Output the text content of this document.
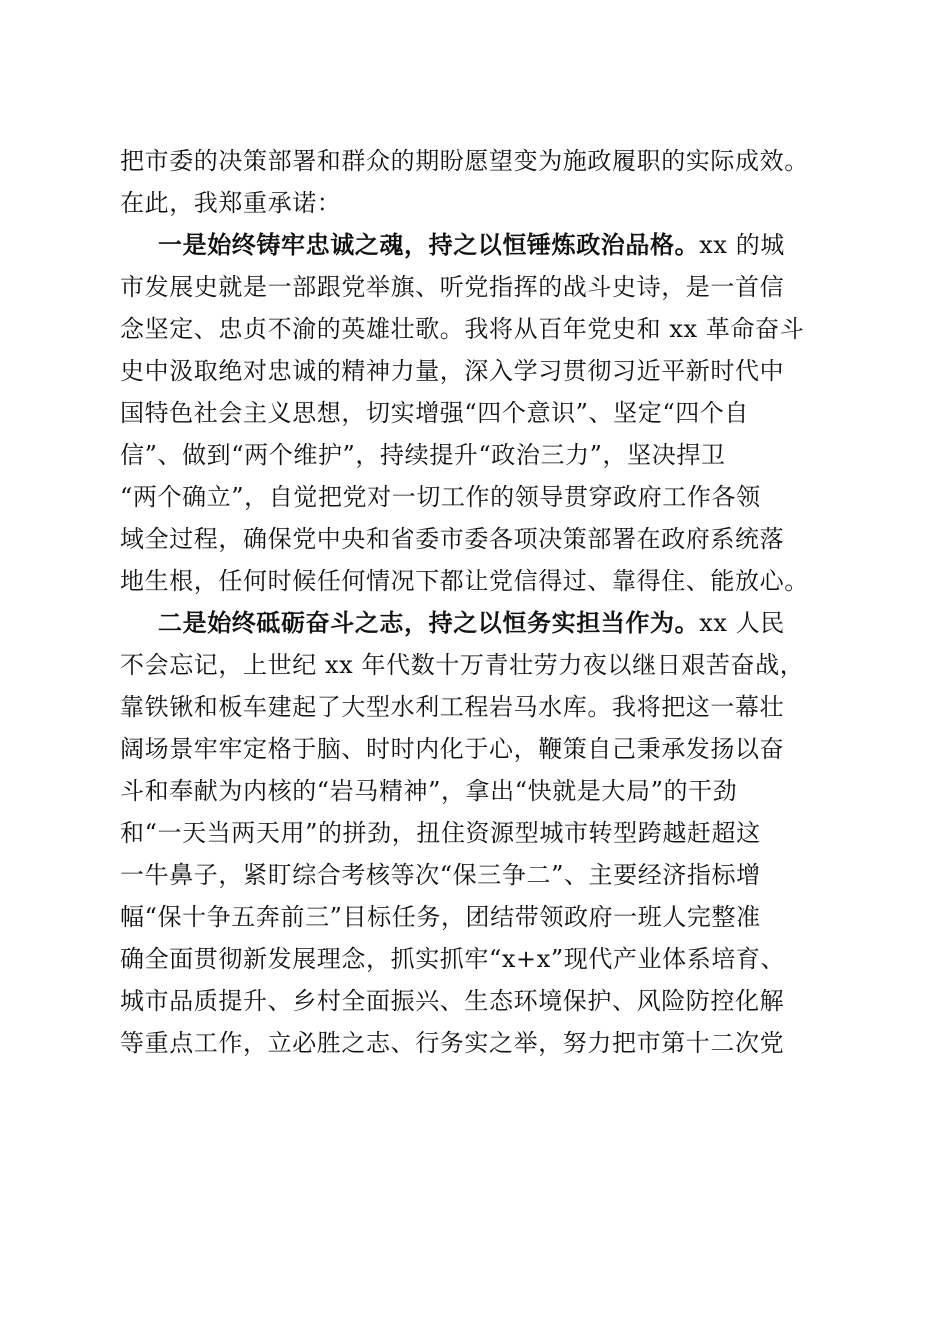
把市委的决策部署和群众的期盼愿望变为施政履职的实际成效。
在此，我郑重承诺：
一是始终铸牢忠诚之魂，持之以恒锤炼政治品格。xx 的城
市发展史就是一部跟党举旗、听党指挥的战斗史诗，是一首信
念坚定、忠贞不渝的英雄壮歌。我将从百年党史和 xx 革命奋斗
史中汲取绝对忠诚的精神力量，深入学习贯彻习近平新时代中
国特色社会主义思想，切实增强“四个意识”、坚定“四个自
信”、做到“两个维护”，持续提升“政治三力”，坚决捍卫
“两个确立”，自觉把党对一切工作的领导贯穿政府工作各领
域全过程，确保党中央和省委市委各项决策部署在政府系统落
地生根，任何时候任何情况下都让党信得过、靠得住、能放心。
二是始终砥砺奋斗之志，持之以恒务实担当作为。xx 人民
不会忘记，上世纪 xx 年代数十万青壮劳力夜以继日艰苦奋战，
靠铁锹和板车建起了大型水利工程岩马水库。我将把这一幕壮
阔场景牢牢定格于脑、时时内化于心，鞭策自己秉承发扬以奋
斗和奉献为内核的“岩马精神”，拿出“快就是大局”的干劲
和“一天当两天用”的拼劲，扭住资源型城市转型跨越赶超这
一牛鼻子，紧盯综合考核等次“保三争二”、主要经济指标增
幅“保十争五奔前三”目标任务，团结带领政府一班人完整准
确全面贯彻新发展理念，抓实抓牢“x+x”现代产业体系培育、
城市品质提升、乡村全面振兴、生态环境保护、风险防控化解
等重点工作，立必胜之志、行务实之举，努力把市第十二次党
